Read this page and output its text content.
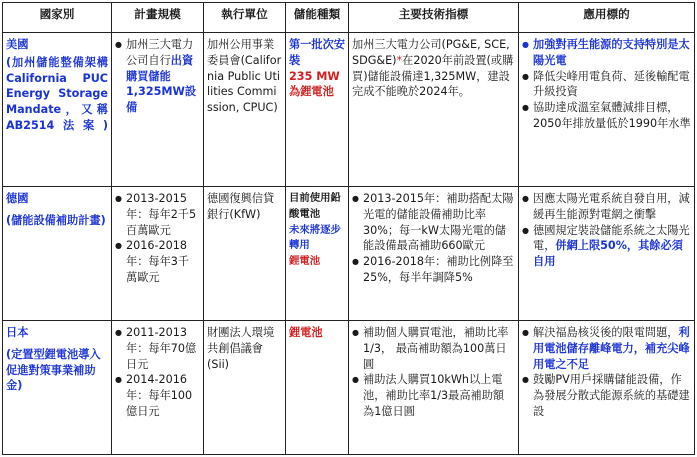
國家別	計畫規模	執行單位	儲能種類	主要技術指標	應用標的
美國
(加州儲能整備架構California PUC Energy Storage Mandate，又稱AB2514法案)
● 加州三大電力公司自行出資購買儲能
1,325MW設備
加州公用事業委員會(California Public Utilities Commission, CPUC)
第一批次安裝
235 MW為鋰電池
加州三大電力公司(PG&E, SCE, SDG&E)*在2020年前設置(或購買)儲能設備達1,325MW，建設完成不能晚於2024年。
● 加強對再生能源的支持特別是太陽光電
● 降低尖峰用電負荷、延後輸配電升級投資
● 協助達成溫室氣體減排目標，2050年排放量低於1990年水準
德國
(儲能設備補助計畫)
● 2013-2015年：每年2千5百萬歐元
● 2016-2018年：每年3千萬歐元
德國復興信貸銀行(KfW)
目前使用鉛酸電池
未來將逐步轉用
鋰電池
● 2013-2015年：補助搭配太陽光電的儲能設備補助比率 30%；每一kW太陽光電的儲能設備最高補助660歐元
● 2016-2018年：補助比例降至25%，每半年調降5%
● 因應太陽光電系統自發自用，減緩再生能源對電網之衝擊
● 德國規定裝設儲能系統之太陽光電，併網上限50%，其餘必須自用
日本
(定置型鋰電池導入促進對策事業補助金)
● 2011-2013年：每年70億日元
● 2014-2016年：每年100億日元
財團法人環境共創倡議會(Sii)
鋰電池
●	補助個人購買電池，補助比率 1/3， 最高補助額為100萬日圓
● 補助法人購買10kWh以上電池，補助比率1/3最高補助額為1億日圓
● 解決福島核災後的限電問題，利用電池儲存離峰電力，補充尖峰用電之不足
● 鼓勵PV用戶採購儲能設備，作為發展分散式能源系統的基礎建設
